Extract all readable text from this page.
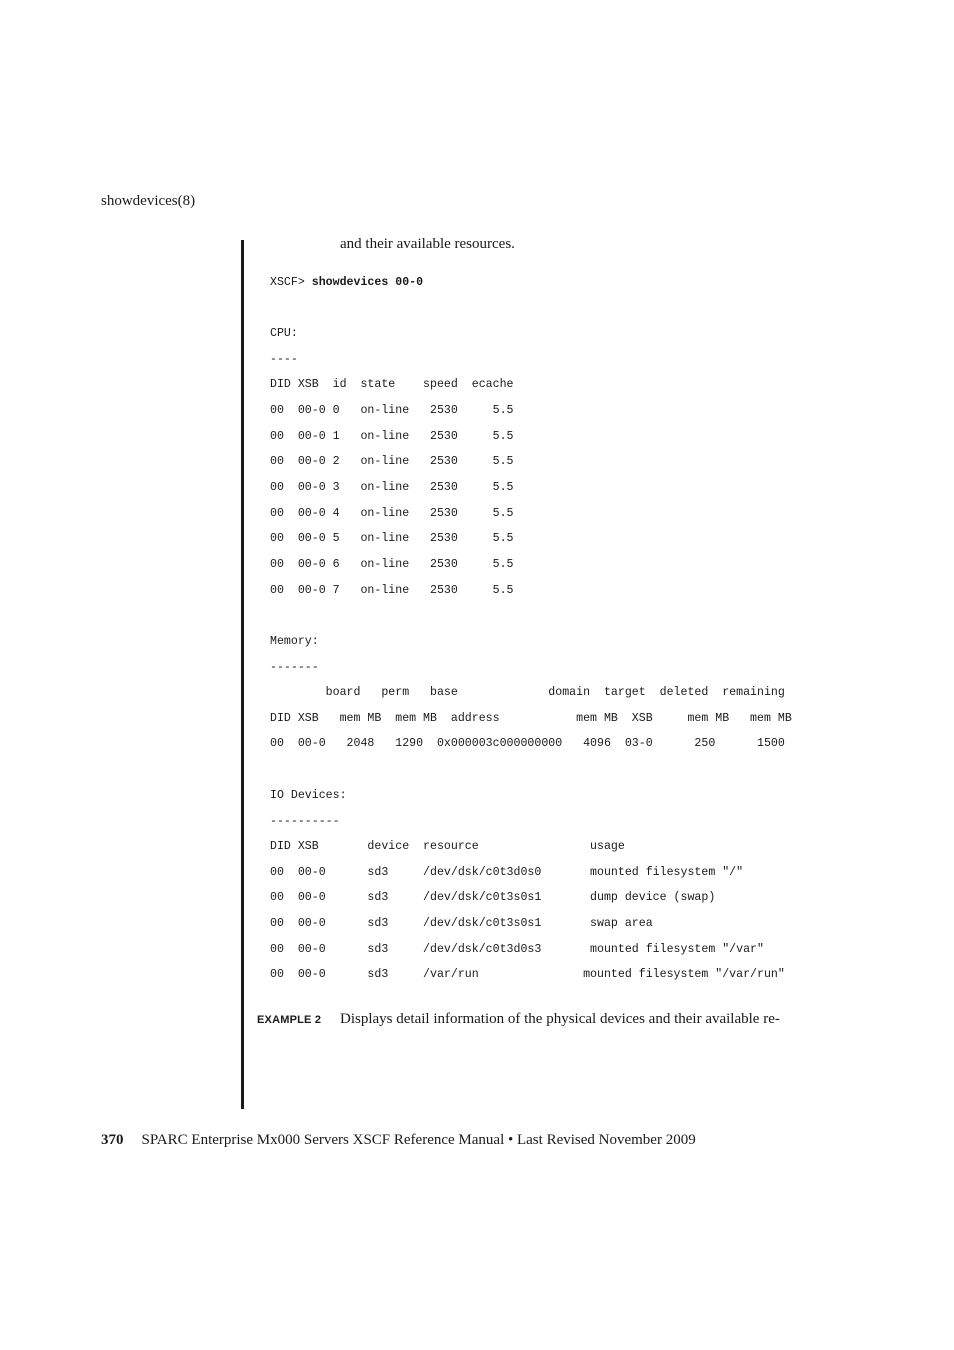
showdevices(8)
and their available resources.
XSCF> showdevices 00-0
CPU:
----
DID XSB  id  state    speed  ecache
00  00-0 0   on-line   2530     5.5
00  00-0 1   on-line   2530     5.5
00  00-0 2   on-line   2530     5.5
00  00-0 3   on-line   2530     5.5
00  00-0 4   on-line   2530     5.5
00  00-0 5   on-line   2530     5.5
00  00-0 6   on-line   2530     5.5
00  00-0 7   on-line   2530     5.5
Memory:
-------
board   perm   base             domain  target  deleted  remaining
DID XSB   mem MB  mem MB  address           mem MB  XSB     mem MB   mem MB
00  00-0   2048   1290  0x000003c000000000   4096  03-0      250      1500
IO Devices:
----------
DID XSB       device  resource                usage
00  00-0      sd3     /dev/dsk/c0t3d0s0       mounted filesystem "/"
00  00-0      sd3     /dev/dsk/c0t3s0s1       dump device (swap)
00  00-0      sd3     /dev/dsk/c0t3s0s1       swap area
00  00-0      sd3     /dev/dsk/c0t3d0s3       mounted filesystem "/var"
00  00-0      sd3     /var/run               mounted filesystem "/var/run"
EXAMPLE 2 Displays detail information of the physical devices and their available re-
370 SPARC Enterprise Mx000 Servers XSCF Reference Manual • Last Revised November 2009
